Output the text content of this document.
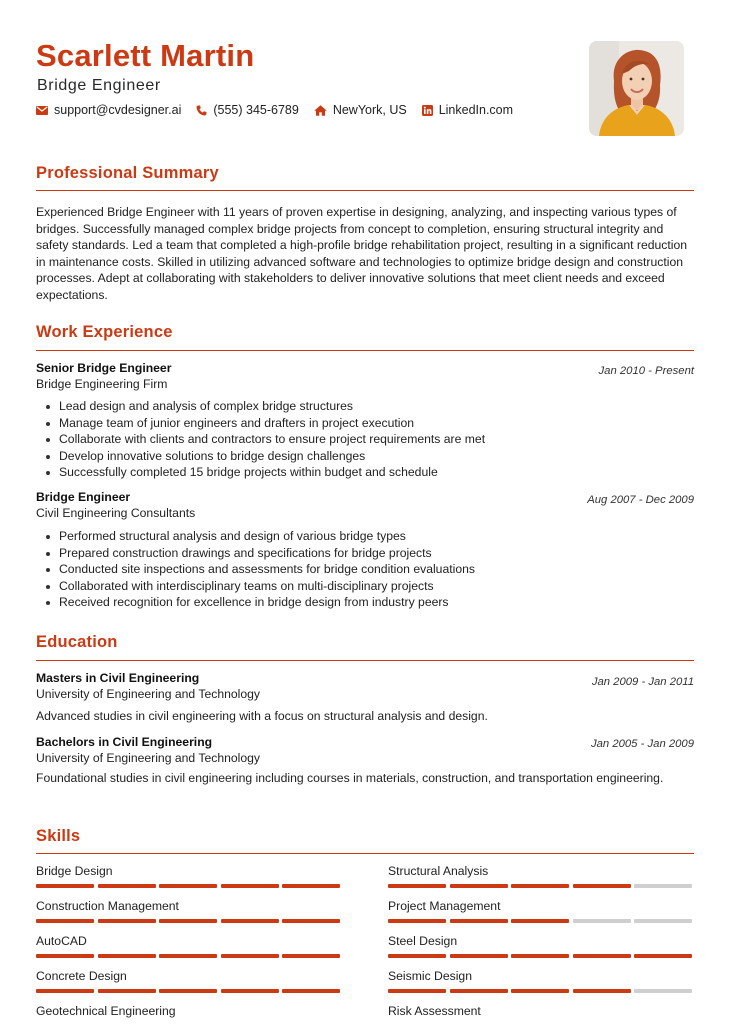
Scarlett Martin
Bridge Engineer
support@cvdesigner.ai	(555) 345-6789	NewYork, US	LinkedIn.com
Professional Summary

Experienced Bridge Engineer with 11 years of proven expertise in designing, analyzing, and inspecting various types of bridges. Successfully managed complex bridge projects from concept to completion, ensuring structural integrity and safety standards. Led a team that completed a high-profile bridge rehabilitation project, resulting in a significant reduction in maintenance costs. Skilled in utilizing advanced software and technologies to optimize bridge design and construction processes. Adept at collaborating with stakeholders to deliver innovative solutions that meet client needs and exceed expectations.

Work Experience
Senior Bridge Engineer	Jan 2010 - Present
Bridge Engineering Firm
Lead design and analysis of complex bridge structures
Manage team of junior engineers and drafters in project execution
Collaborate with clients and contractors to ensure project requirements are met
Develop innovative solutions to bridge design challenges
Successfully completed 15 bridge projects within budget and schedule
Bridge Engineer	Aug 2007 - Dec 2009
Civil Engineering Consultants
Performed structural analysis and design of various bridge types
Prepared construction drawings and specifications for bridge projects
Conducted site inspections and assessments for bridge condition evaluations
Collaborated with interdisciplinary teams on multi-disciplinary projects
Received recognition for excellence in bridge design from industry peers
Education
Masters in Civil Engineering	Jan 2009 - Jan 2011
University of Engineering and Technology
Advanced studies in civil engineering with a focus on structural analysis and design.
Bachelors in Civil Engineering	Jan 2005 - Jan 2009
University of Engineering and Technology
Foundational studies in civil engineering including courses in materials, construction, and transportation engineering.
Skills
Bridge Design	Structural Analysis
Construction Management	Project Management
AutoCAD	Steel Design
Concrete Design	Seismic Design
Geotechnical Engineering	Risk Assessment
